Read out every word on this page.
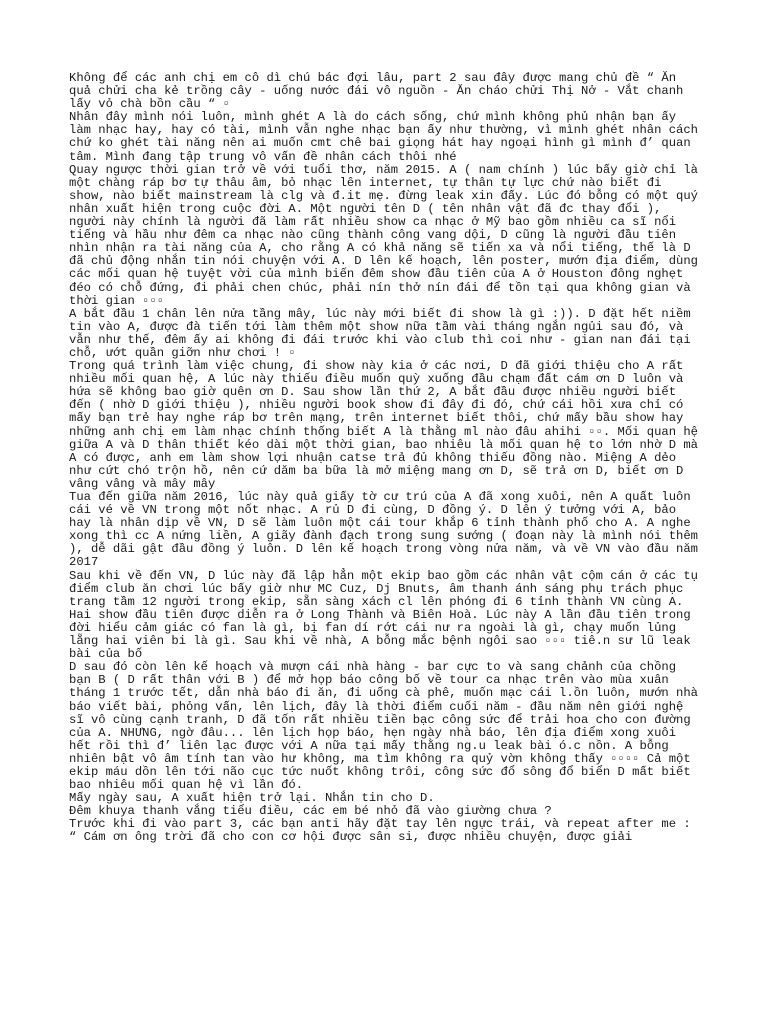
Không để các anh chị em cô dì chú bác đợi lâu, part 2 sau đây được mang chủ đề “ Ăn quả chửi cha kẻ trồng cây - uống nước đái vô nguồn - Ăn cháo chửi Thị Nở - Vắt chanh lấy vỏ chà bồn cầu “ ▫

Nhân đây mình nói luôn, mình ghét A là do cách sống, chứ mình không phủ nhận bạn ấy làm nhạc hay, hay có tài, mình vẫn nghe nhạc bạn ấy như thường, vì mình ghét nhân cách chứ ko ghét tài năng nên ai muốn cmt chê bai giọng hát hay ngoại hình gì mình đ’ quan tâm. Mình đang tập trung vô vấn đề nhân cách thôi nhé

Quay ngược thời gian trở về với tuổi thơ, năm 2015. A ( nam chính ) lúc bấy giờ chỉ là một chàng ráp bơ tự thâu âm, bỏ nhạc lên internet, tự thân tự lực chứ nào biết đi show, nào biết mainstream là clg và đ.it mẹ. đừng leak xin đấy. Lúc đó bỗng có một quý nhân xuất hiện trong cuộc đời A. Một người tên D ( tên nhân vật đã đc thay đổi ), người này chính là người đã làm rất nhiều show ca nhạc ở Mỹ bao gồm nhiều ca sĩ nổi tiếng và hầu như đêm ca nhạc nào cũng thành công vang dội, D cũng là người đầu tiên nhìn nhận ra tài năng của A, cho rằng A có khả năng sẽ tiến xa và nổi tiếng, thế là D đã chủ động nhắn tin nói chuyện với A. D lên kế hoạch, lên poster, mướn địa điểm, dùng các mối quan hệ tuyệt vời của mình biến đêm show đầu tiên của A ở Houston đông nghẹt đéo có chỗ đứng, đi phải chen chúc, phải nín thở nín đái để tồn tại qua không gian và thời gian ▫▫▫

A bắt đầu 1 chân lên nửa tầng mây, lúc này mới biết đi show là gì :)). D đặt hết niềm tin vào A, được đà tiến tới làm thêm một show nữa tầm vài tháng ngắn ngủi sau đó, và vẫn như thế, đêm ấy ai không đi đái trước khi vào club thì coi như - gian nan đái tại chỗ, ướt quần giỡn như chơi ! ▫

Trong quá trình làm việc chung, đi show này kia ở các nơi, D đã giới thiệu cho A rất nhiều mối quan hệ, A lúc này thiếu điều muốn quỳ xuống đầu chạm đất cám ơn D luôn và hứa sẽ không bao giờ quên ơn D. Sau show lần thứ 2, A bắt đầu được nhiều người biết đến ( nhờ D giới thiệu ), nhiều người book show đi đây đi đó, chứ cái hồi xưa chỉ có mấy bạn trẻ hay nghe ráp bơ trên mạng, trên internet biết thôi, chứ mấy bầu show hay những anh chị em làm nhạc chính thống biết A là thằng ml nào đâu ahihi ▫▫. Mối quan hệ giữa A và D thân thiết kéo dài một thời gian, bao nhiêu là mối quan hệ to lớn nhờ D mà A có được, anh em làm show lợi nhuận catse trả đủ không thiếu đồng nào. Miệng A dẻo như cứt chó trộn hồ, nên cứ dăm ba bữa là mở miệng mang ơn D, sẽ trả ơn D, biết ơn D vâng vâng và mây mây

Tua đến giữa năm 2016, lúc này quả giấy tờ cư trú của A đã xong xuôi, nên A quất luôn cái vé về VN trong một nốt nhạc. A rủ D đi cùng, D đồng ý. D lên ý tưởng với A, bảo hay là nhân dịp về VN, D sẽ làm luôn một cái tour khắp 6 tỉnh thành phố cho A. A nghe xong thì cc A nứng liền, A giãy đành đạch trong sung sướng ( đoạn này là mình nói thêm ), dễ dãi gật đầu đồng ý luôn. D lên kế hoạch trong vòng nửa năm, và về VN vào đầu năm 2017

Sau khi về đến VN, D lúc này đã lập hẳn một ekip bao gồm các nhân vật cộm cán ở các tụ điểm club ăn chơi lúc bấy giờ như MC Cuz, Dj Bnuts, âm thanh ánh sáng phụ trách phục trang tầm 12 người trong ekip, sẵn sàng xách cl lên phóng đi 6 tỉnh thành VN cùng A. Hai show đầu tiên được diễn ra ở Long Thành và Biên Hoà. Lúc này A lần đầu tiên trong đời hiểu cảm giác có fan là gì, bị fan dí rớt cái nư ra ngoài là gì, chạy muốn lủng lẵng hai viên bi là gì. Sau khi về nhà, A bỗng mắc bệnh ngôi sao ▫▫▫ tiê.n sư lũ leak bài của bố

D sau đó còn lên kế hoạch và mượn cái nhà hàng - bar cực to và sang chảnh của chồng bạn B ( D rất thân với B ) để mở họp báo công bố về tour ca nhạc trên vào mùa xuân tháng 1 trước tết, dẫn nhà báo đi ăn, đi uống cà phê, muốn mạc cái l.ồn luôn, mướn nhà báo viết bài, phỏng vấn, lên lịch, đây là thời điểm cuối năm - đầu năm nên giới nghệ sĩ vô cùng cạnh tranh, D đã tốn rất nhiều tiền bạc công sức để trải hoa cho con đường của A. NHƯNG, ngờ đâu... lên lịch họp báo, hẹn ngày nhà báo, lên địa điểm xong xuôi hết rồi thì đ’ liên lạc được với A nữa tại mấy thằng ng.u leak bài ó.c nồn. A bỗng nhiên bật vô âm tính tan vào hư không, ma tìm không ra quỷ vờn không thấy ▫▫▫▫ Cả một ekip máu dồn lên tới não cục tức nuốt không trôi, công sức đổ sông đổ biển D mất biết bao nhiêu mối quan hệ vì lần đó.

Mấy ngày sau, A xuất hiện trở lại. Nhắn tin cho D.

Đêm khuya thanh vắng tiểu điều, các em bé nhỏ đã vào giường chưa ?

Trước khi đi vào part 3, các bạn anti hãy đặt tay lên ngực trái, và repeat after me : “ Cám ơn ông trời đã cho con cơ hội được sân si, được nhiều chuyện, được giải
